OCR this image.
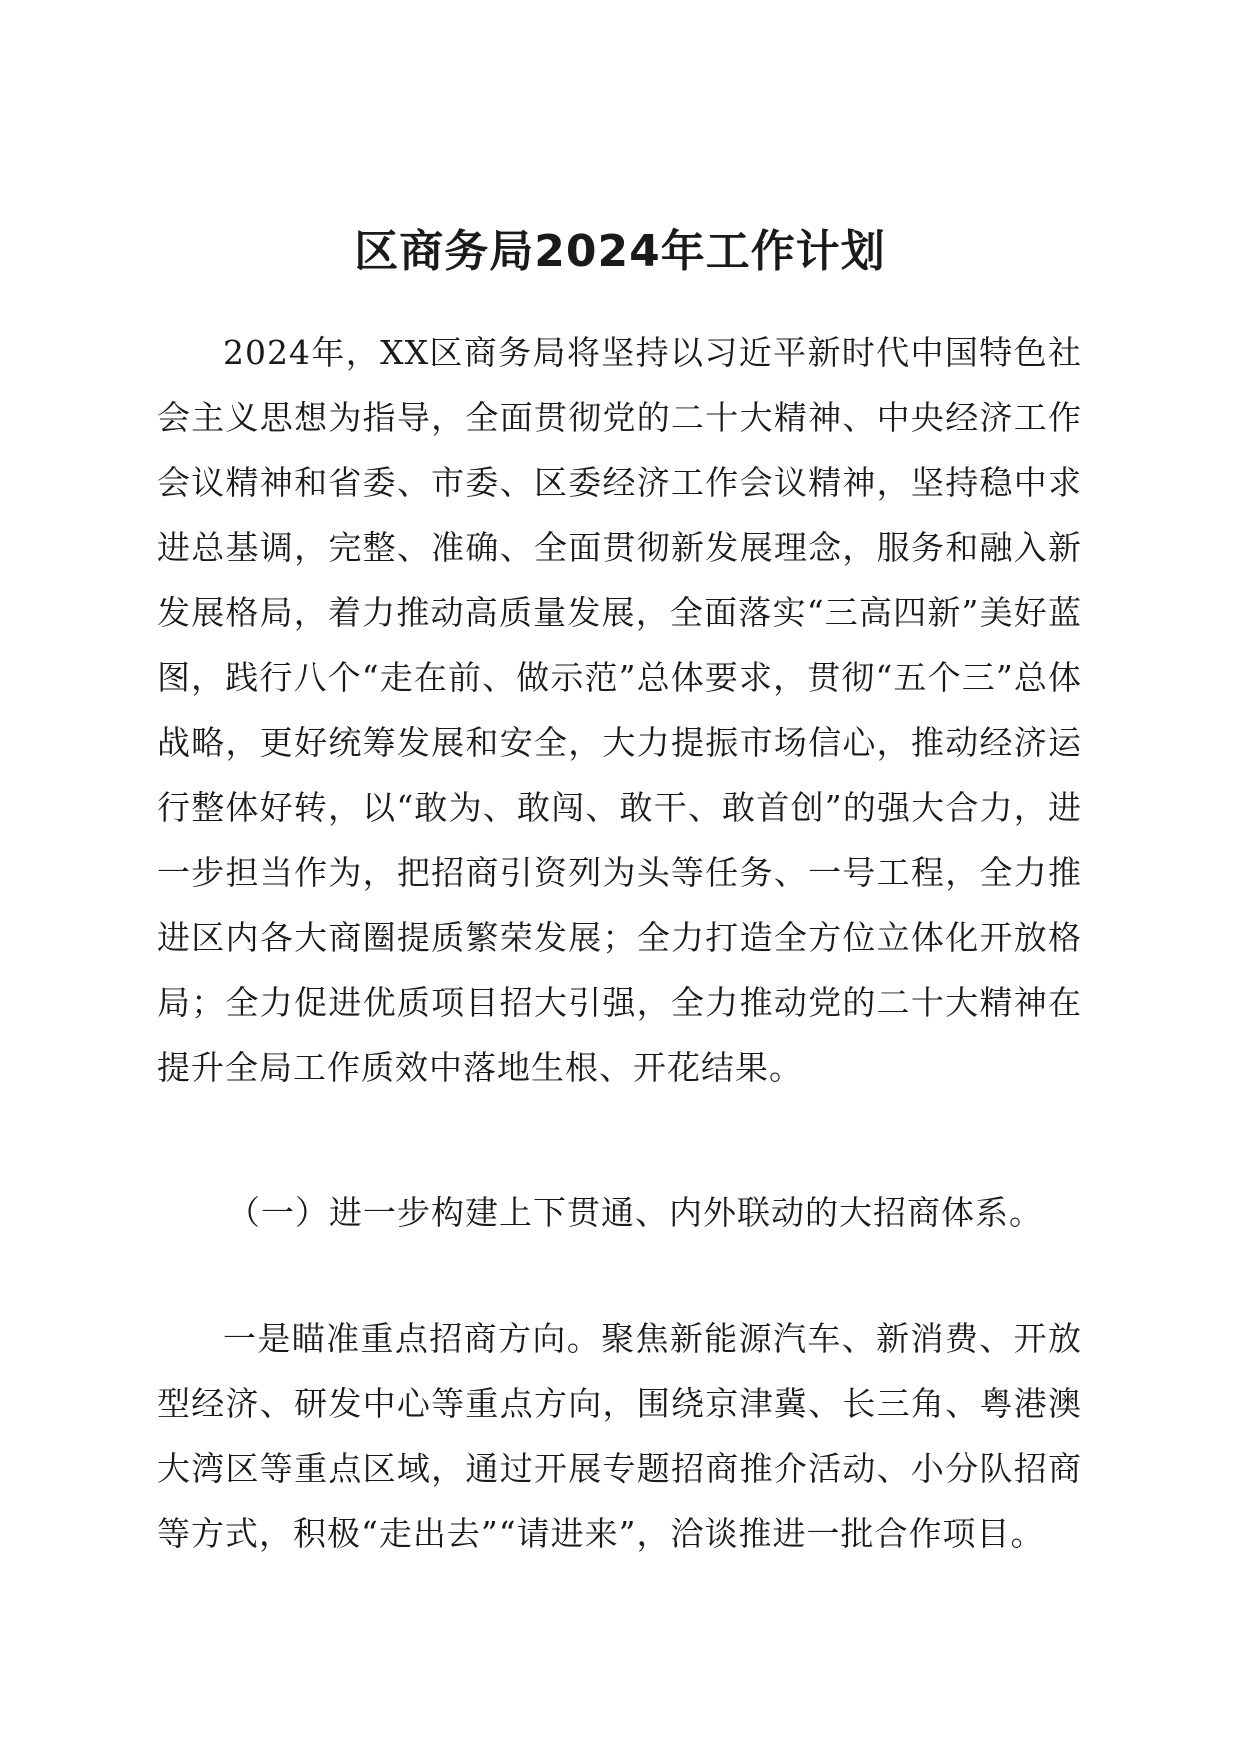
区商务局2024年工作计划

2024年，XX区商务局将坚持以习近平新时代中国特色社会主义思想为指导，全面贯彻党的二十大精神、中央经济工作会议精神和省委、市委、区委经济工作会议精神，坚持稳中求进总基调，完整、准确、全面贯彻新发展理念，服务和融入新发展格局，着力推动高质量发展，全面落实“三高四新”美好蓝图，践行八个“走在前、做示范”总体要求，贯彻“五个三”总体战略，更好统筹发展和安全，大力提振市场信心，推动经济运行整体好转，以“敢为、敢闯、敢干、敢首创”的强大合力，进一步担当作为，把招商引资列为头等任务、一号工程，全力推进区内各大商圈提质繁荣发展；全力打造全方位立体化开放格局；全力促进优质项目招大引强，全力推动党的二十大精神在提升全局工作质效中落地生根、开花结果。

（一）进一步构建上下贯通、内外联动的大招商体系。

一是瞄准重点招商方向。聚焦新能源汽车、新消费、开放型经济、研发中心等重点方向，围绕京津冀、长三角、粤港澳大湾区等重点区域，通过开展专题招商推介活动、小分队招商等方式，积极“走出去”“请进来”，洽谈推进一批合作项目。
